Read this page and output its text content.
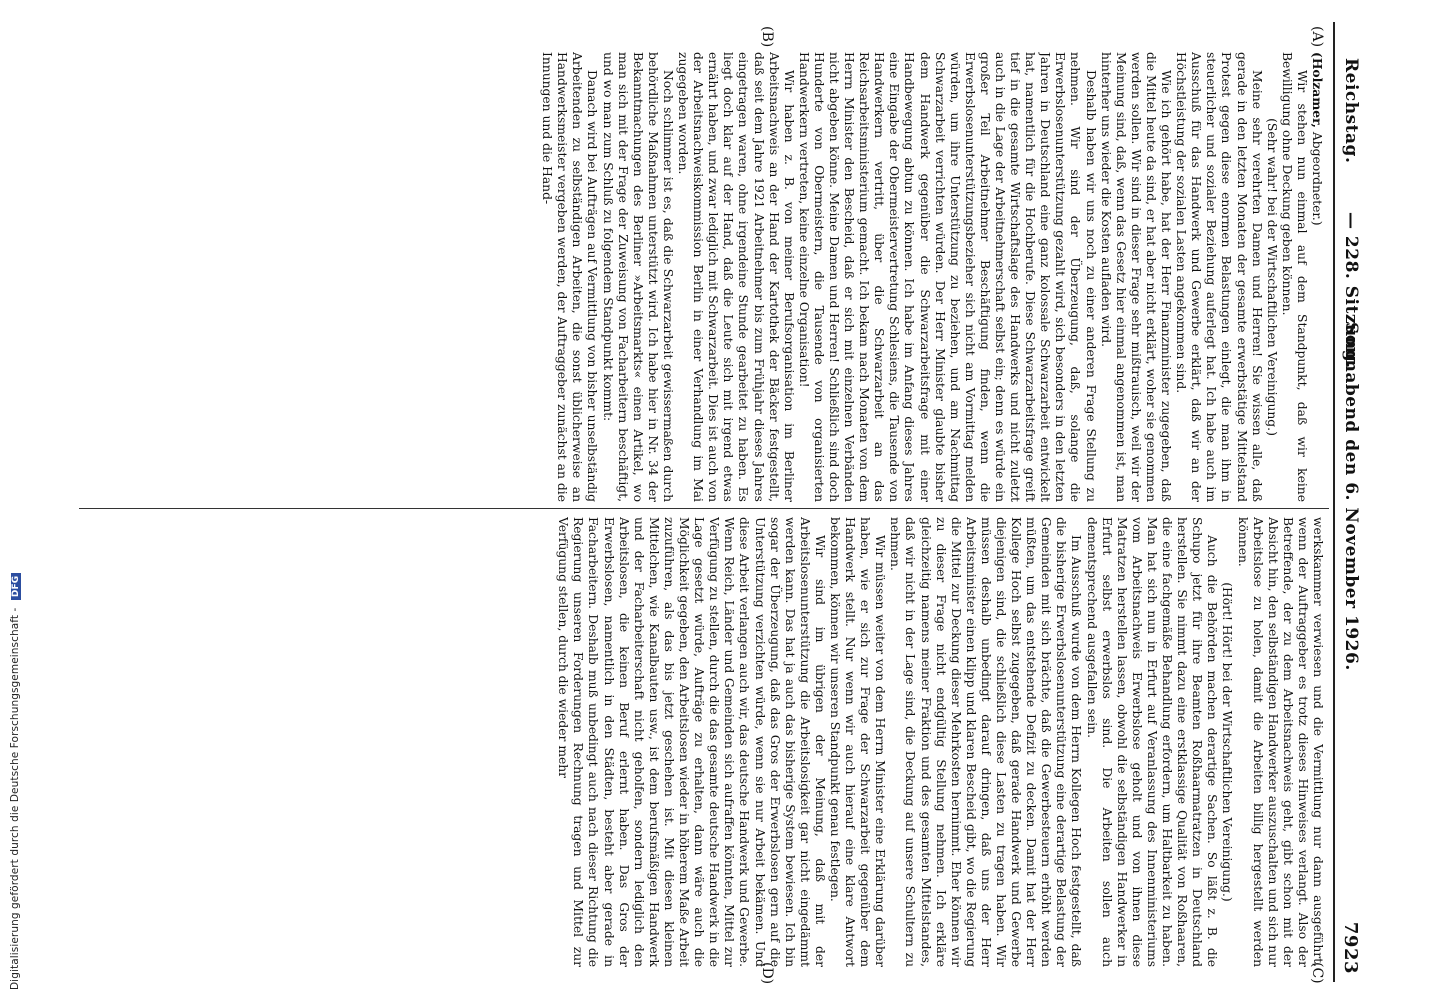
Digitalisierung gefördert durch die Deutsche Forschungsgemeinschaft - DFG
Reichstag.
— 228. Sitzung.
Sonnabend den 6. November 1926.
7923
(A)
(B)
(C)
(D)

(Holzamer, Abgeordneter.)

Wir stehen nun einmal auf dem Standpunkt, daß wir keine Bewilligung ohne Deckung geben können.

(Sehr wahr! bei der Wirtschaftlichen Vereinigung.)

Meine sehr verehrten Damen und Herren! Sie wissen alle, daß gerade in den letzten Monaten der gesamte erwerbstätige Mittelstand Protest gegen diese enormen Belastungen einlegt, die man ihm in steuerlicher und sozialer Beziehung auferlegt hat. Ich habe auch im Ausschuß für das Handwerk und Gewerbe erklärt, daß wir an der Höchstleistung der sozialen Lasten angekommen sind.

Wie ich gehört habe, hat der Herr Finanzminister zugegeben, daß die Mittel heute da sind, er hat aber nicht erklärt, woher sie genommen werden sollen. Wir sind in dieser Frage sehr mißtrauisch, weil wir der Meinung sind, daß, wenn das Gesetz hier einmal angenommen ist, man hinterher uns wieder die Kosten aufladen wird.

Deshalb haben wir uns noch zu einer anderen Frage Stellung zu nehmen. Wir sind der Überzeugung, daß, solange die Erwerbslosenunterstützung gezahlt wird, sich besonders in den letzten Jahren in Deutschland eine ganz kolossale Schwarzarbeit entwickelt hat, namentlich für die Hochberufe. Diese Schwarzarbeitsfrage greift tief in die gesamte Wirtschaftslage des Handwerks und nicht zuletzt auch in die Lage der Arbeitnehmerschaft selbst ein; denn es würde ein großer Teil Arbeitnehmer Beschäftigung finden, wenn die Erwerbslosenunterstützungsbezieher sich nicht am Vormittag melden würden, um ihre Unterstützung zu beziehen, und am Nachmittag Schwarzarbeit verrichten würden. Der Herr Minister glaubte bisher dem Handwerk gegenüber die Schwarzarbeitsfrage mit einer Handbewegung abtun zu können. Ich habe im Anfang dieses Jahres eine Eingabe der Obermeistervertretung Schlesiens, die Tausende von Handwerkern vertritt, über die Schwarzarbeit an das Reichsarbeitsministerium gemacht. Ich bekam nach Monaten von dem Herrn Minister den Bescheid, daß er sich mit einzelnen Verbänden nicht abgeben könne. Meine Damen und Herren! Schließlich sind doch Hunderte von Obermeistern, die Tausende von organisierten Handwerkern vertreten, keine einzelne Organisation!

Wir haben z. B. von meiner Berufsorganisation im Berliner Arbeitsnachweis an der Hand der Kartothek der Bäcker festgestellt, daß seit dem Jahre 1921 Arbeitnehmer bis zum Frühjahr dieses Jahres eingetragen waren, ohne irgendeine Stunde gearbeitet zu haben. Es liegt doch klar auf der Hand, daß die Leute sich mit irgend etwas ernährt haben, und zwar lediglich mit Schwarzarbeit. Dies ist auch von der Arbeitsnachweiskommission Berlin in einer Verhandlung im Mai zugegeben worden.

Noch schlimmer ist es, daß die Schwarzarbeit gewissermaßen durch behördliche Maßnahmen unterstützt wird. Ich habe hier in Nr. 34 der Bekanntmachungen des Berliner »Arbeitsmarkts« einen Artikel, wo man sich mit der Frage der Zuweisung von Facharbeitern beschäftigt, und wo man zum Schluß zu folgendem Standpunkt kommt:

Danach wird bei Aufträgen auf Vermittlung von bisher unselbständig Arbeitenden zu selbständigen Arbeiten, die sonst üblicherweise an Handwerksmeister vergeben werden, der Auftraggeber zunächst an die Innungen und die Hand-

werkskammer verwiesen und die Vermittlung nur dann ausgeführt, wenn der Auftraggeber es trotz dieses Hinweises verlangt. Also der Betreffende, der zu dem Arbeitsnachweis geht, gibt schon mit der Absicht hin, den selbständigen Handwerker auszuschalten und sich nur Arbeitslose zu holen, damit die Arbeiten billig hergestellt werden können.

(Hört! Hört! bei der Wirtschaftlichen Vereinigung.)

Auch die Behörden machen derartige Sachen. So läßt z. B. die Schupo jetzt für ihre Beamten Roßhaarmatratzen in Deutschland herstellen. Sie nimmt dazu eine erstklassige Qualität von Roßhaaren, die eine fachgemäße Behandlung erfordern, um Haltbarkeit zu haben. Man hat sich nun in Erfurt auf Veranlassung des Innenministeriums vom Arbeitsnachweis Erwerbslose geholt und von ihnen diese Matratzen herstellen lassen, obwohl die selbständigen Handwerker in Erfurt selbst erwerbslos sind. Die Arbeiten sollen auch dementsprechend ausgefallen sein.

Im Ausschuß wurde von dem Herrn Kollegen Hoch festgestellt, daß die bisherige Erwerbslosenunterstützung eine derartige Belastung der Gemeinden mit sich brächte, daß die Gewerbesteuern erhöht werden müßten, um das entstehende Defizit zu decken. Damit hat der Herr Kollege Hoch selbst zugegeben, daß gerade Handwerk und Gewerbe diejenigen sind, die schließlich diese Lasten zu tragen haben. Wir müssen deshalb unbedingt darauf dringen, daß uns der Herr Arbeitsminister einen klipp und klaren Bescheid gibt, wo die Regierung die Mittel zur Deckung dieser Mehrkosten hernimmt. Eher können wir zu dieser Frage nicht endgültig Stellung nehmen. Ich erkläre gleichzeitig namens meiner Fraktion und des gesamten Mittelstandes, daß wir nicht in der Lage sind, die Deckung auf unsere Schultern zu nehmen.

Wir müssen weiter von dem Herrn Minister eine Erklärung darüber haben, wie er sich zur Frage der Schwarzarbeit gegenüber dem Handwerk stellt. Nur wenn wir auch hierauf eine klare Antwort bekommen, können wir unseren Standpunkt genau festlegen.

Wir sind im übrigen der Meinung, daß mit der Arbeitslosenunterstützung die Arbeitslosigkeit gar nicht eingedämmt werden kann. Das hat ja auch das bisherige System bewiesen. Ich bin sogar der Überzeugung, daß das Gros der Erwerbslosen gern auf die Unterstützung verzichten würde, wenn sie nur Arbeit bekämen. Und diese Arbeit verlangen auch wir, das deutsche Handwerk und Gewerbe. Wenn Reich, Länder und Gemeinden sich aufraffen könnten, Mittel zur Verfügung zu stellen, durch die das gesamte deutsche Handwerk in die Lage gesetzt würde, Aufträge zu erhalten, dann wäre auch die Möglichkeit gegeben, den Arbeitslosen wieder in höherem Maße Arbeit zuzuführen, als das bis jetzt geschehen ist. Mit diesen kleinen Mittelchen, wie Kanalbauten usw., ist dem berufsmäßigen Handwerk und der Facharbeiterschaft nicht geholfen, sondern lediglich den Arbeitslosen, die keinen Beruf erlernt haben. Das Gros der Erwerbslosen, namentlich in den Städten, besteht aber gerade in Facharbeitern. Deshalb muß unbedingt auch nach dieser Richtung die Regierung unseren Forderungen Rechnung tragen und Mittel zur Verfügung stellen, durch die wieder mehr
